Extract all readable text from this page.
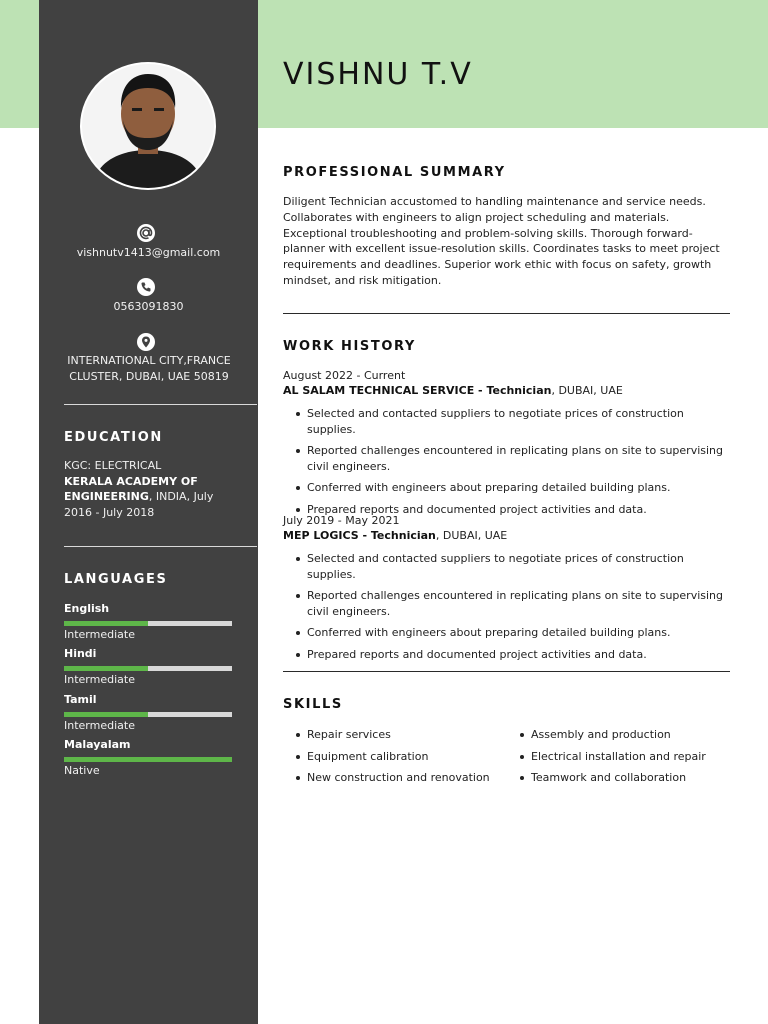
vishnutv1413@gmail.com
0563091830
INTERNATIONAL CITY,FRANCE CLUSTER, DUBAI, UAE 50819
EDUCATION
KGC: ELECTRICAL
KERALA ACADEMY OF ENGINEERING, INDIA, July 2016 - July 2018
LANGUAGES
English
Intermediate
Hindi
Intermediate
Tamil
Intermediate
Malayalam
Native
VISHNU T.V
PROFESSIONAL SUMMARY
Diligent Technician accustomed to handling maintenance and service needs. Collaborates with engineers to align project scheduling and materials. Exceptional troubleshooting and problem-solving skills. Thorough forward-planner with excellent issue-resolution skills. Coordinates tasks to meet project requirements and deadlines. Superior work ethic with focus on safety, growth mindset, and risk mitigation.
WORK HISTORY
August 2022 - Current
AL SALAM TECHNICAL SERVICE - Technician, DUBAI, UAE
Selected and contacted suppliers to negotiate prices of construction supplies.
Reported challenges encountered in replicating plans on site to supervising civil engineers.
Conferred with engineers about preparing detailed building plans.
Prepared reports and documented project activities and data.
July 2019 - May 2021
MEP LOGICS - Technician, DUBAI, UAE
Selected and contacted suppliers to negotiate prices of construction supplies.
Reported challenges encountered in replicating plans on site to supervising civil engineers.
Conferred with engineers about preparing detailed building plans.
Prepared reports and documented project activities and data.
SKILLS
Repair services
Equipment calibration
New construction and renovation
Assembly and production
Electrical installation and repair
Teamwork and collaboration
